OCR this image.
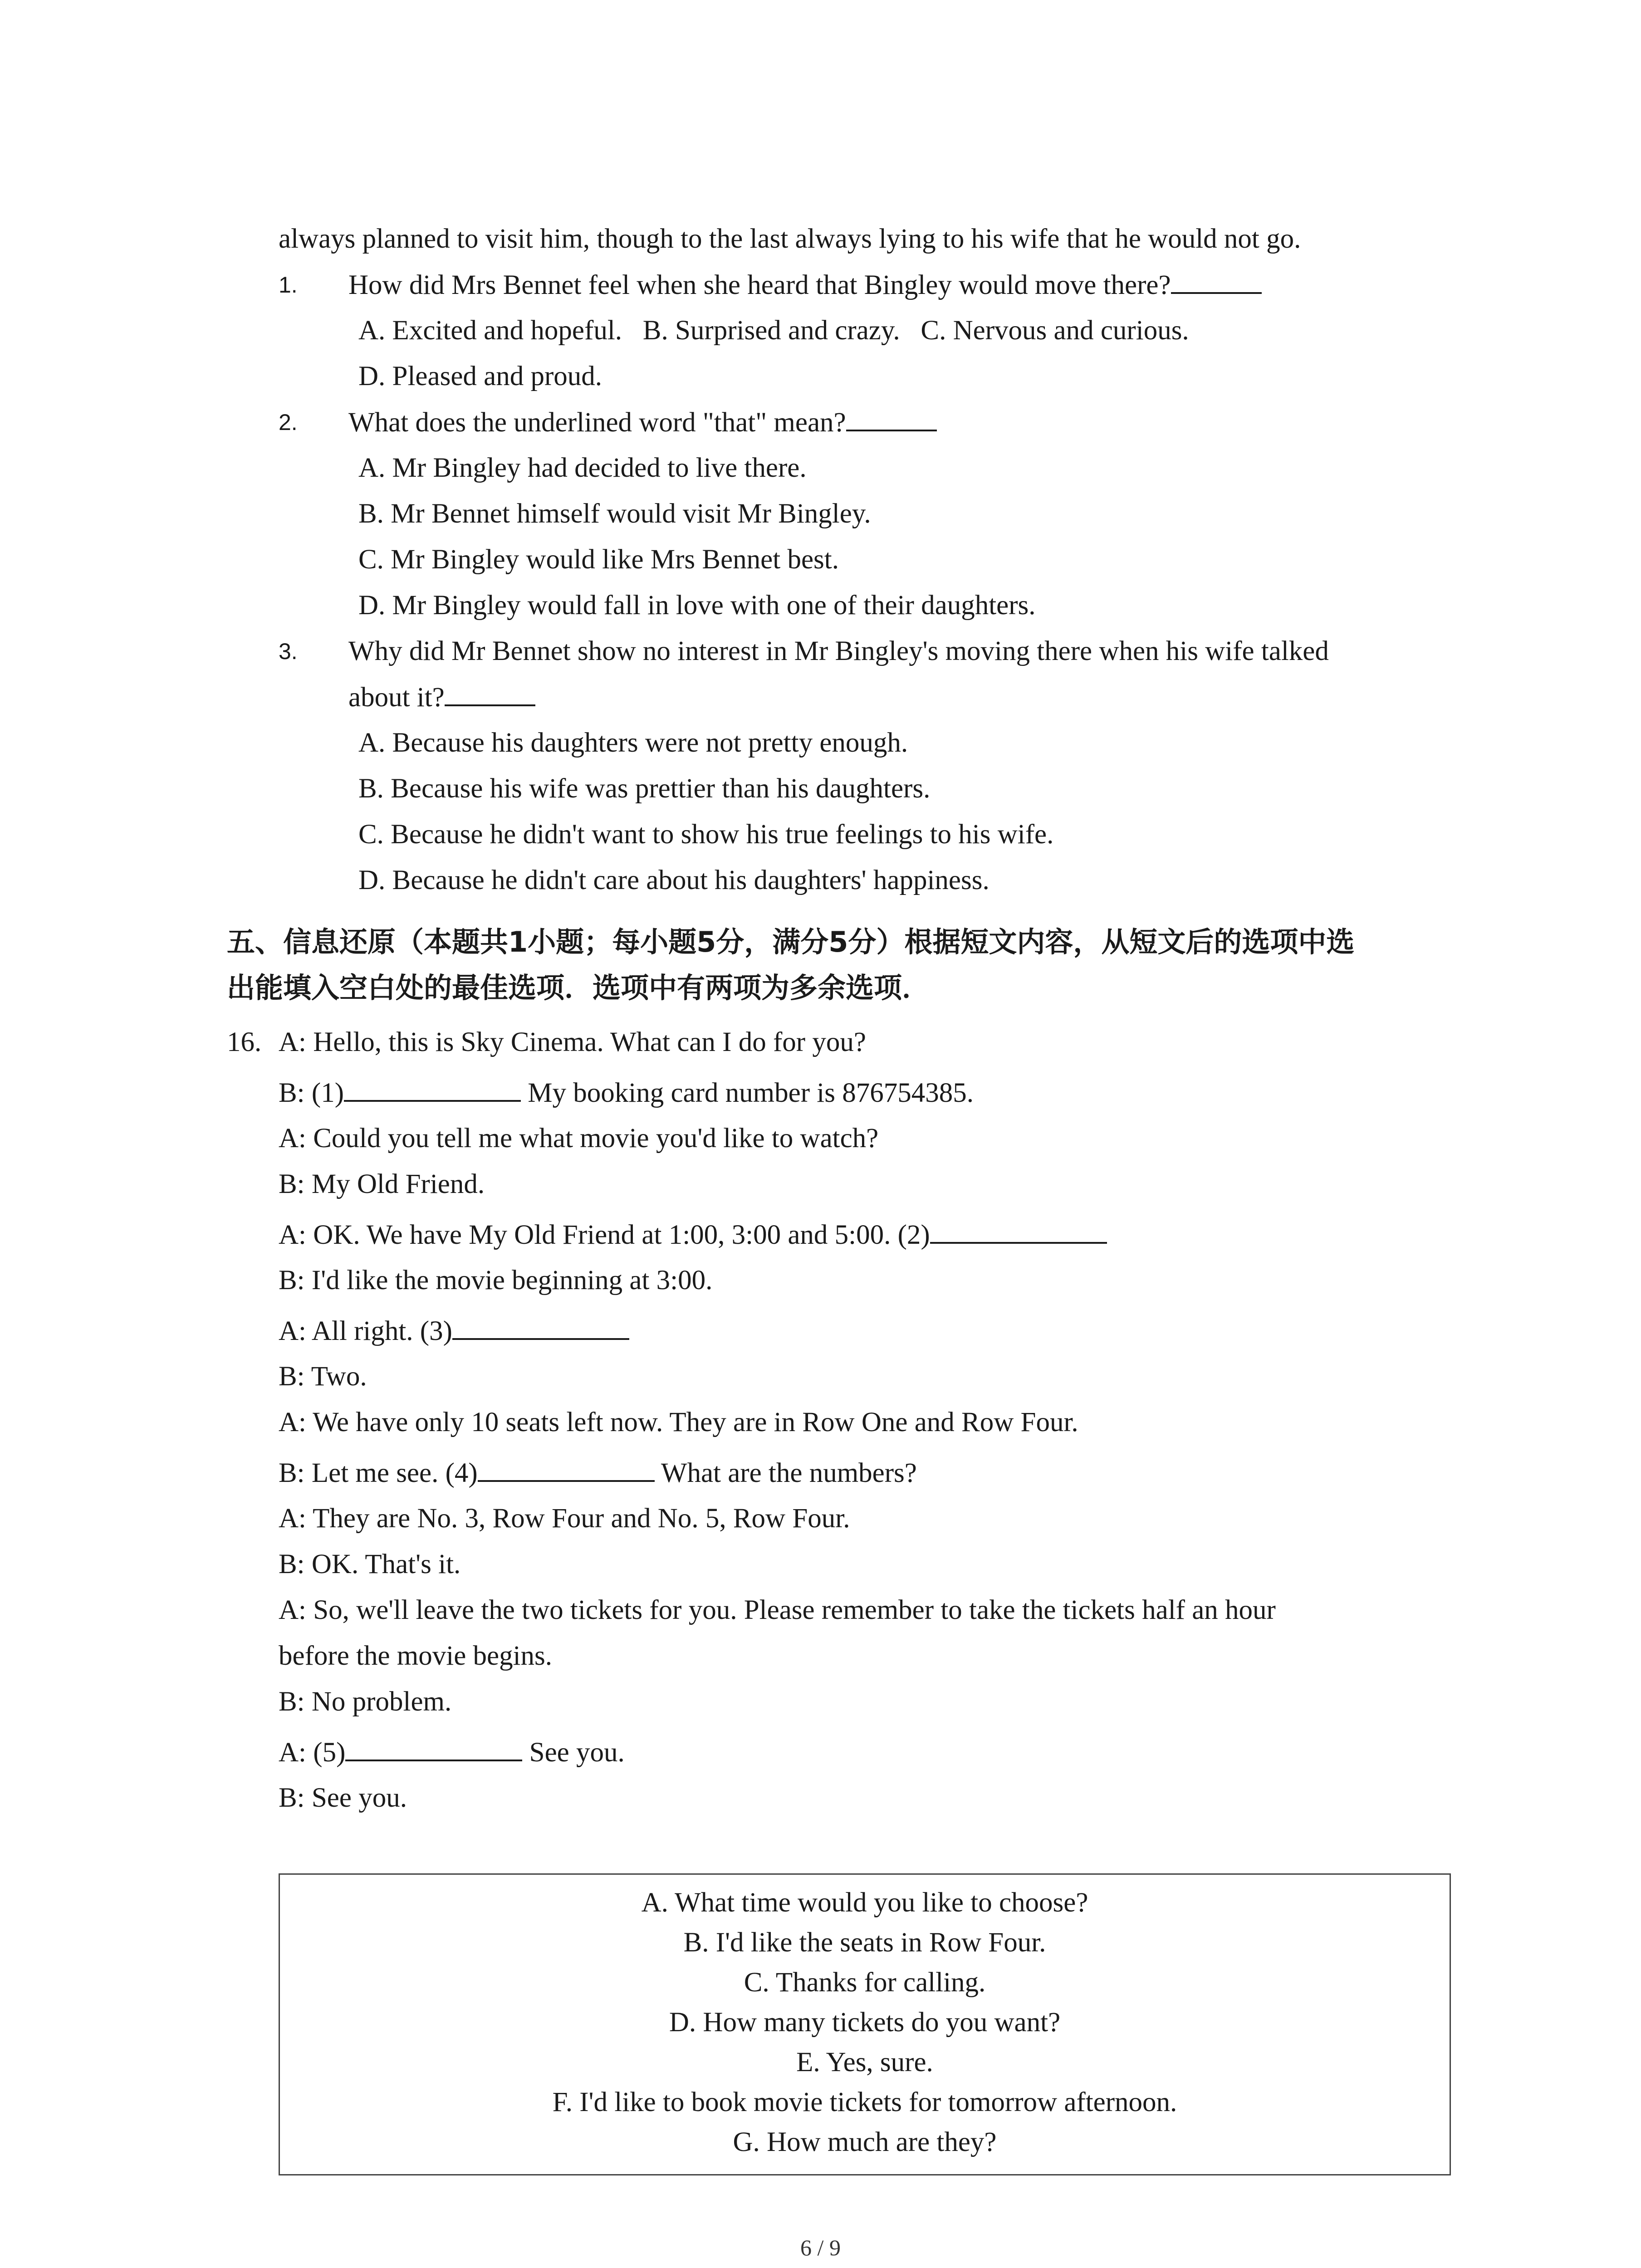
always planned to visit him, though to the last always lying to his wife that he would not go.
1. How did Mrs Bennet feel when she heard that Bingley would move there?
A. Excited and hopeful.   B. Surprised and crazy.   C. Nervous and curious.
D. Pleased and proud.
2. What does the underlined word "that" mean?
A. Mr Bingley had decided to live there.
B. Mr Bennet himself would visit Mr Bingley.
C. Mr Bingley would like Mrs Bennet best.
D. Mr Bingley would fall in love with one of their daughters.
3. Why did Mr Bennet show no interest in Mr Bingley's moving there when his wife talked
about it?
A. Because his daughters were not pretty enough.
B. Because his wife was prettier than his daughters.
C. Because he didn't want to show his true feelings to his wife.
D. Because he didn't care about his daughters' happiness.
五、信息还原（本题共1小题；每小题5分，满分5分）根据短文内容，从短文后的选项中选
出能填入空白处的最佳选项．选项中有两项为多余选项．
16. A: Hello, this is Sky Cinema. What can I do for you?
B: (1)	My booking card number is 876754385.
A: Could you tell me what movie you'd like to watch?
B: My Old Friend.
A: OK. We have My Old Friend at 1:00, 3:00 and 5:00. (2)
B: I'd like the movie beginning at 3:00.
A: All right. (3)
B: Two.
A: We have only 10 seats left now. They are in Row One and Row Four.
B: Let me see. (4)	What are the numbers?
A: They are No. 3, Row Four and No. 5, Row Four.
B: OK. That's it.
A: So, we'll leave the two tickets for you. Please remember to take the tickets half an hour
before the movie begins.
B: No problem.
A: (5)	See you.
B: See you.
A. What time would you like to choose?
B. I'd like the seats in Row Four.
C. Thanks for calling.
D. How many tickets do you want?
E. Yes, sure.
F. I'd like to book movie tickets for tomorrow afternoon.
G. How much are they?
6 / 9
